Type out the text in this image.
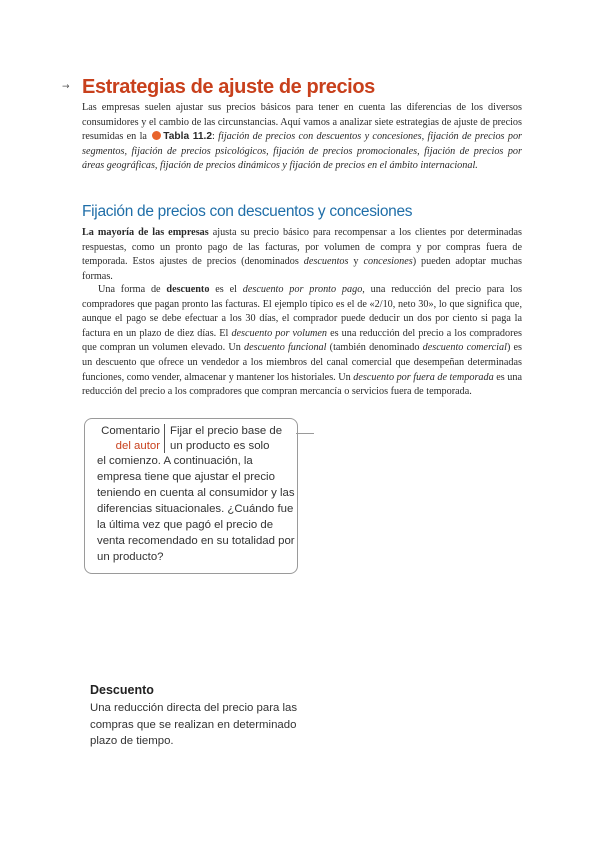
→ Estrategias de ajuste de precios

Las empresas suelen ajustar sus precios básicos para tener en cuenta las diferencias de los diversos consumidores y el cambio de las circunstancias. Aquí vamos a analizar siete estrategias de ajuste de precios resumidas en la Tabla 11.2: fijación de precios con descuentos y concesiones, fijación de precios por segmentos, fijación de precios psicológicos, fijación de precios promocionales, fijación de precios por áreas geográficas, fijación de precios dinámicos y fijación de precios en el ámbito internacional.

Fijación de precios con descuentos y concesiones

La mayoría de las empresas ajusta su precio básico para recompensar a los clientes por determinadas respuestas, como un pronto pago de las facturas, por volumen de compra y por compras fuera de temporada. Estos ajustes de precios (denominados descuentos y concesiones) pueden adoptar muchas formas.

Una forma de descuento es el descuento por pronto pago, una reducción del precio para los compradores que pagan pronto las facturas. El ejemplo típico es el de «2/10, neto 30», lo que significa que, aunque el pago se debe efectuar a los 30 días, el comprador puede deducir un dos por ciento si paga la factura en un plazo de diez días. El descuento por volumen es una reducción del precio a los compradores que compran un volumen elevado. Un descuento funcional (también denominado descuento comercial) es un descuento que ofrece un vendedor a los miembros del canal comercial que desempeñan determinadas funciones, como vender, almacenar y mantener los historiales. Un descuento por fuera de temporada es una reducción del precio a los compradores que compran mercancía o servicios fuera de temporada.

Comentario
del autor
Fijar el precio base de un producto es solo
el comienzo. A continuación, la empresa tiene que ajustar el precio teniendo en cuenta al consumidor y las diferencias situacionales. ¿Cuándo fue la última vez que pagó el precio de venta recomendado en su totalidad por un producto?
Descuento

Una reducción directa del precio para las compras que se realizan en determinado plazo de tiempo.
